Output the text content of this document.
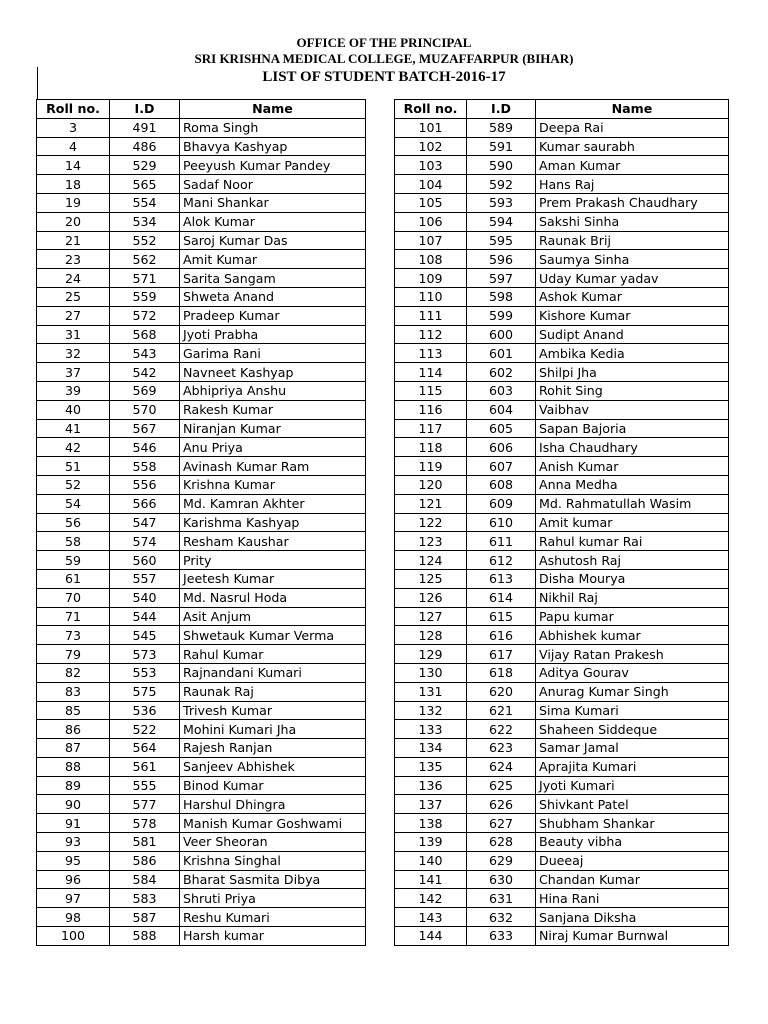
OFFICE OF THE PRINCIPAL
SRI KRISHNA MEDICAL COLLEGE, MUZAFFARPUR (BIHAR)
LIST OF STUDENT BATCH-2016-17
Roll no.	I.D	Name
3	491	Roma Singh
4	486	Bhavya Kashyap
14	529	Peeyush Kumar Pandey
18	565	Sadaf Noor
19	554	Mani Shankar
20	534	Alok Kumar
21	552	Saroj Kumar Das
23	562	Amit Kumar
24	571	Sarita Sangam
25	559	Shweta Anand
27	572	Pradeep Kumar
31	568	Jyoti Prabha
32	543	Garima Rani
37	542	Navneet Kashyap
39	569	Abhipriya Anshu
40	570	Rakesh Kumar
41	567	Niranjan Kumar
42	546	Anu Priya
51	558	Avinash Kumar Ram
52	556	Krishna Kumar
54	566	Md. Kamran Akhter
56	547	Karishma Kashyap
58	574	Resham Kaushar
59	560	Prity
61	557	Jeetesh Kumar
70	540	Md. Nasrul Hoda
71	544	Asit Anjum
73	545	Shwetauk Kumar Verma
79	573	Rahul Kumar
82	553	Rajnandani Kumari
83	575	Raunak Raj
85	536	Trivesh Kumar
86	522	Mohini Kumari Jha
87	564	Rajesh Ranjan
88	561	Sanjeev Abhishek
89	555	Binod Kumar
90	577	Harshul Dhingra
91	578	Manish Kumar Goshwami
93	581	Veer Sheoran
95	586	Krishna Singhal
96	584	Bharat Sasmita Dibya
97	583	Shruti Priya
98	587	Reshu Kumari
100	588	Harsh kumar
Roll no.	I.D	Name
101	589	Deepa Rai
102	591	Kumar saurabh
103	590	Aman Kumar
104	592	Hans Raj
105	593	Prem Prakash Chaudhary
106	594	Sakshi Sinha
107	595	Raunak Brij
108	596	Saumya Sinha
109	597	Uday Kumar yadav
110	598	Ashok Kumar
111	599	Kishore Kumar
112	600	Sudipt Anand
113	601	Ambika Kedia
114	602	Shilpi Jha
115	603	Rohit Sing
116	604	Vaibhav
117	605	Sapan Bajoria
118	606	Isha Chaudhary
119	607	Anish Kumar
120	608	Anna Medha
121	609	Md. Rahmatullah Wasim
122	610	Amit kumar
123	611	Rahul kumar Rai
124	612	Ashutosh Raj
125	613	Disha Mourya
126	614	Nikhil Raj
127	615	Papu kumar
128	616	Abhishek kumar
129	617	Vijay Ratan Prakesh
130	618	Aditya Gourav
131	620	Anurag Kumar Singh
132	621	Sima Kumari
133	622	Shaheen Siddeque
134	623	Samar Jamal
135	624	Aprajita Kumari
136	625	Jyoti Kumari
137	626	Shivkant Patel
138	627	Shubham Shankar
139	628	Beauty vibha
140	629	Dueeaj
141	630	Chandan Kumar
142	631	Hina Rani
143	632	Sanjana Diksha
144	633	Niraj Kumar Burnwal
